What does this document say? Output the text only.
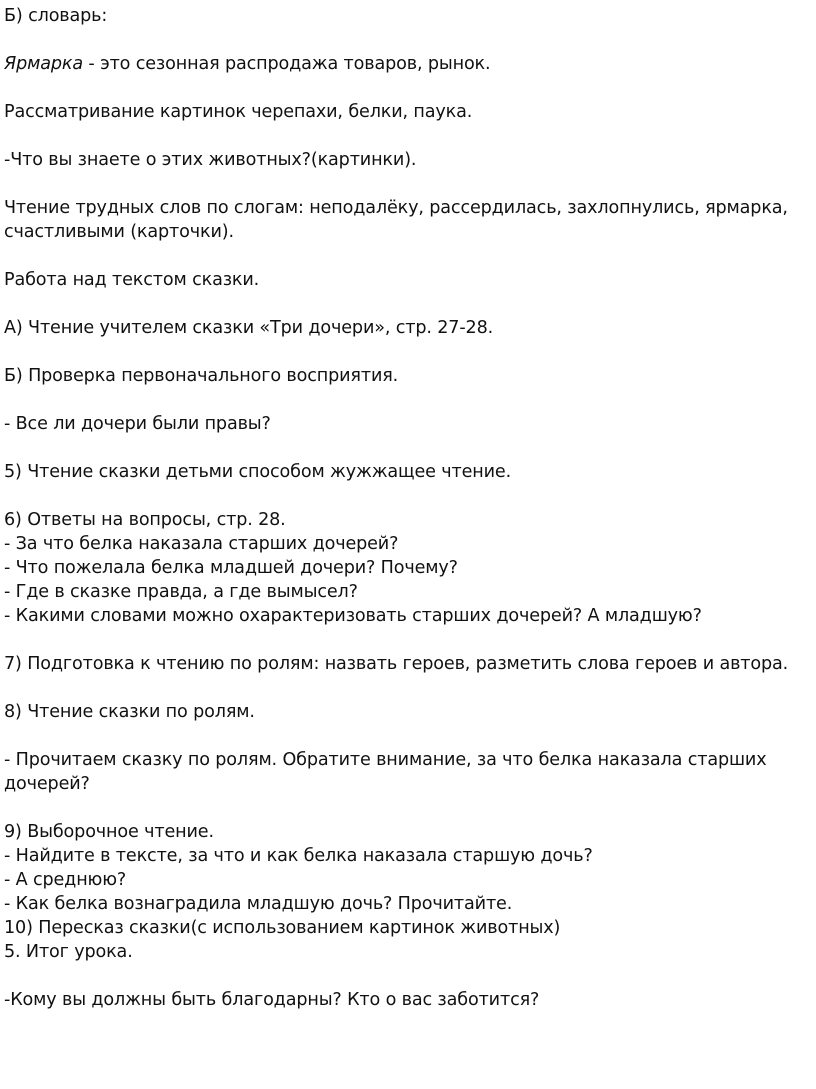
Б) словарь:

Ярмарка - это сезонная распродажа товаров, рынок.

Рассматривание картинок черепахи, белки, паука.

-Что вы знаете о этих животных?(картинки).

Чтение трудных слов по слогам: неподалёку, рассердилась, захлопнулись, ярмарка,
счастливыми (карточки).

Работа над текстом сказки.

А) Чтение учителем сказки «Три дочери», стр. 27-28.

Б) Проверка первоначального восприятия.

- Все ли дочери были правы?

5) Чтение сказки детьми способом жужжащее чтение.

6) Ответы на вопросы, стр. 28.
- За что белка наказала старших дочерей?
- Что пожелала белка младшей дочери? Почему?
- Где в сказке правда, а где вымысел?
- Какими словами можно охарактеризовать старших дочерей? А младшую?

7) Подготовка к чтению по ролям: назвать героев, разметить слова героев и автора.

8) Чтение сказки по ролям.

- Прочитаем сказку по ролям. Обратите внимание, за что белка наказала старших
дочерей?

9) Выборочное чтение.
- Найдите в тексте, за что и как белка наказала старшую дочь?
- А среднюю?
- Как белка вознаградила младшую дочь? Прочитайте.
10) Пересказ сказки(с использованием картинок животных)
5. Итог урока.

-Кому вы должны быть благодарны? Кто о вас заботится?
